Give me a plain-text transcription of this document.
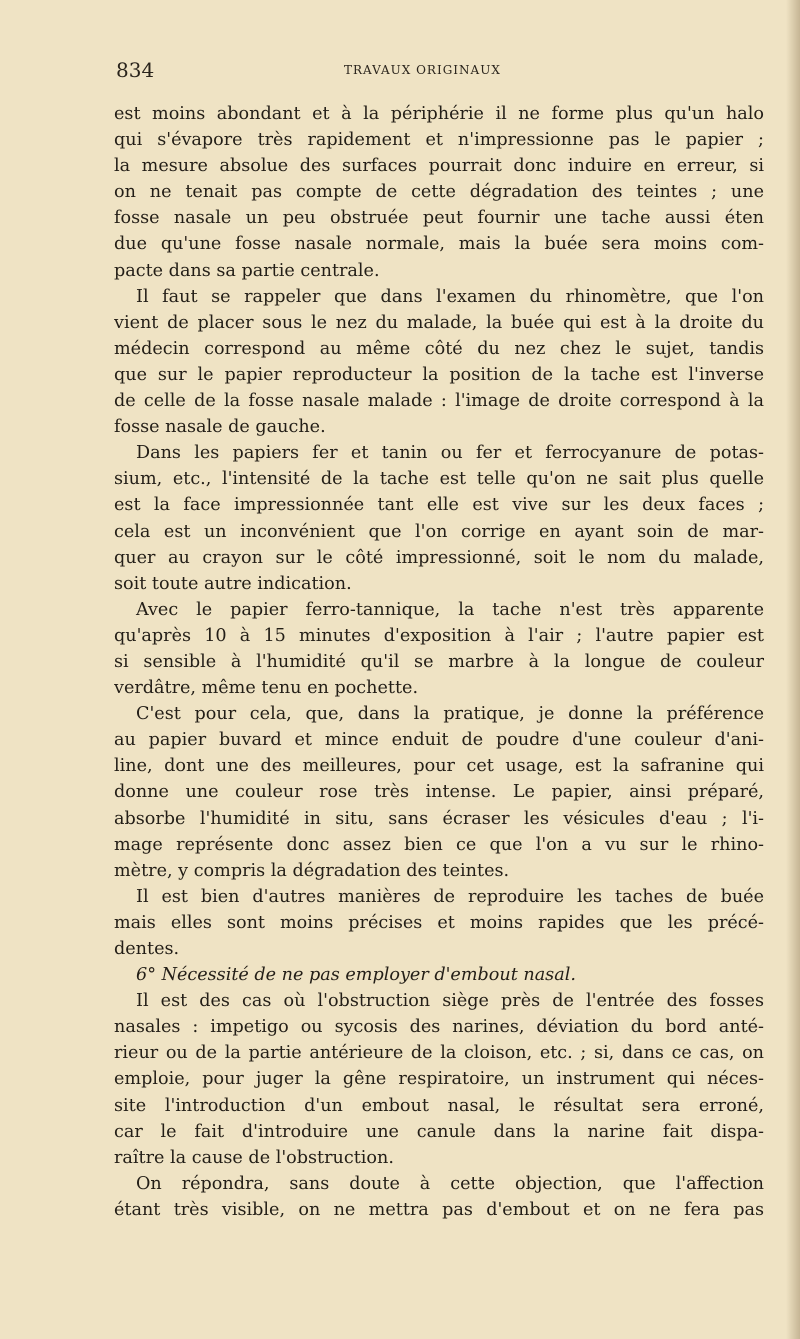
834	TRAVAUX ORIGINAUX
est moins abondant et à la périphérie il ne forme plus qu'un halo
qui s'évapore très rapidement et n'impressionne pas le papier ;
la mesure absolue des surfaces pourrait donc induire en erreur, si
on ne tenait pas compte de cette dégradation des teintes ; une
fosse nasale un peu obstruée peut fournir une tache aussi éten
due qu'une fosse nasale normale, mais la buée sera moins com-
pacte dans sa partie centrale.
Il faut se rappeler que dans l'examen du rhinomètre, que l'on
vient de placer sous le nez du malade, la buée qui est à la droite du
médecin correspond au même côté du nez chez le sujet, tandis
que sur le papier reproducteur la position de la tache est l'inverse
de celle de la fosse nasale malade : l'image de droite correspond à la
fosse nasale de gauche.
Dans les papiers fer et tanin ou fer et ferrocyanure de potas-
sium, etc., l'intensité de la tache est telle qu'on ne sait plus quelle
est la face impressionnée tant elle est vive sur les deux faces ;
cela est un inconvénient que l'on corrige en ayant soin de mar-
quer au crayon sur le côté impressionné, soit le nom du malade,
soit toute autre indication.
Avec le papier ferro-tannique, la tache n'est très apparente
qu'après 10 à 15 minutes d'exposition à l'air ; l'autre papier est
si sensible à l'humidité qu'il se marbre à la longue de couleur
verdâtre, même tenu en pochette.
C'est pour cela, que, dans la pratique, je donne la préférence
au papier buvard et mince enduit de poudre d'une couleur d'ani-
line, dont une des meilleures, pour cet usage, est la safranine qui
donne une couleur rose très intense. Le papier, ainsi préparé,
absorbe l'humidité in situ, sans écraser les vésicules d'eau ; l'i-
mage représente donc assez bien ce que l'on a vu sur le rhino-
mètre, y compris la dégradation des teintes.
Il est bien d'autres manières de reproduire les taches de buée
mais elles sont moins précises et moins rapides que les précé-
dentes.
6° Nécessité de ne pas employer d'embout nasal.
Il est des cas où l'obstruction siège près de l'entrée des fosses
nasales : impetigo ou sycosis des narines, déviation du bord anté-
rieur ou de la partie antérieure de la cloison, etc. ; si, dans ce cas, on
emploie, pour juger la gêne respiratoire, un instrument qui néces-
site l'introduction d'un embout nasal, le résultat sera erroné,
car le fait d'introduire une canule dans la narine fait dispa-
raître la cause de l'obstruction.
On répondra, sans doute à cette objection, que l'affection
étant très visible, on ne mettra pas d'embout et on ne fera pas
